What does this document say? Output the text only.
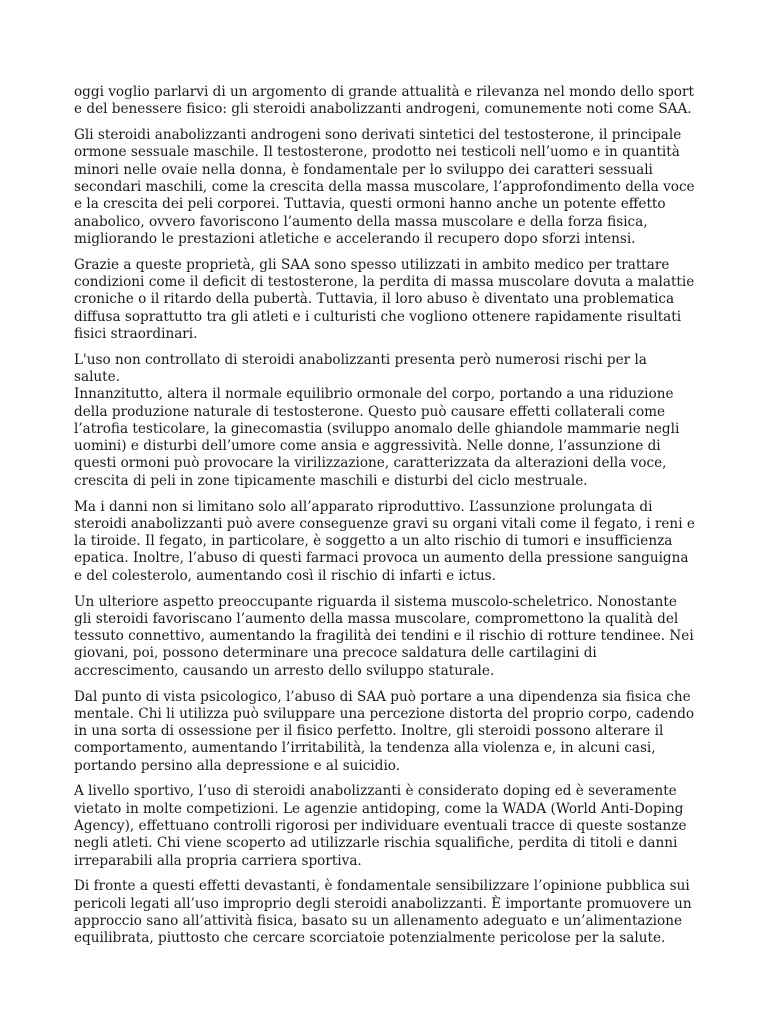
oggi voglio parlarvi di un argomento di grande attualità e rilevanza nel mondo dello sport
e del benessere fisico: gli steroidi anabolizzanti androgeni, comunemente noti come SAA.

Gli steroidi anabolizzanti androgeni sono derivati sintetici del testosterone, il principale
ormone sessuale maschile. Il testosterone, prodotto nei testicoli nell’uomo e in quantità
minori nelle ovaie nella donna, è fondamentale per lo sviluppo dei caratteri sessuali
secondari maschili, come la crescita della massa muscolare, l’approfondimento della voce
e la crescita dei peli corporei. Tuttavia, questi ormoni hanno anche un potente effetto
anabolico, ovvero favoriscono l’aumento della massa muscolare e della forza fisica,
migliorando le prestazioni atletiche e accelerando il recupero dopo sforzi intensi.

Grazie a queste proprietà, gli SAA sono spesso utilizzati in ambito medico per trattare
condizioni come il deficit di testosterone, la perdita di massa muscolare dovuta a malattie
croniche o il ritardo della pubertà. Tuttavia, il loro abuso è diventato una problematica
diffusa soprattutto tra gli atleti e i culturisti che vogliono ottenere rapidamente risultati
fisici straordinari.

L'uso non controllato di steroidi anabolizzanti presenta però numerosi rischi per la salute.
Innanzitutto, altera il normale equilibrio ormonale del corpo, portando a una riduzione
della produzione naturale di testosterone. Questo può causare effetti collaterali come
l’atrofia testicolare, la ginecomastia (sviluppo anomalo delle ghiandole mammarie negli
uomini) e disturbi dell’umore come ansia e aggressività. Nelle donne, l’assunzione di
questi ormoni può provocare la virilizzazione, caratterizzata da alterazioni della voce,
crescita di peli in zone tipicamente maschili e disturbi del ciclo mestruale.

Ma i danni non si limitano solo all’apparato riproduttivo. L’assunzione prolungata di
steroidi anabolizzanti può avere conseguenze gravi su organi vitali come il fegato, i reni e
la tiroide. Il fegato, in particolare, è soggetto a un alto rischio di tumori e insufficienza
epatica. Inoltre, l’abuso di questi farmaci provoca un aumento della pressione sanguigna
e del colesterolo, aumentando così il rischio di infarti e ictus.

Un ulteriore aspetto preoccupante riguarda il sistema muscolo-scheletrico. Nonostante
gli steroidi favoriscano l’aumento della massa muscolare, compromettono la qualità del
tessuto connettivo, aumentando la fragilità dei tendini e il rischio di rotture tendinee. Nei
giovani, poi, possono determinare una precoce saldatura delle cartilagini di
accrescimento, causando un arresto dello sviluppo staturale.

Dal punto di vista psicologico, l’abuso di SAA può portare a una dipendenza sia fisica che
mentale. Chi li utilizza può sviluppare una percezione distorta del proprio corpo, cadendo
in una sorta di ossessione per il fisico perfetto. Inoltre, gli steroidi possono alterare il
comportamento, aumentando l’irritabilità, la tendenza alla violenza e, in alcuni casi,
portando persino alla depressione e al suicidio.

A livello sportivo, l’uso di steroidi anabolizzanti è considerato doping ed è severamente
vietato in molte competizioni. Le agenzie antidoping, come la WADA (World Anti-Doping
Agency), effettuano controlli rigorosi per individuare eventuali tracce di queste sostanze
negli atleti. Chi viene scoperto ad utilizzarle rischia squalifiche, perdita di titoli e danni
irreparabili alla propria carriera sportiva.

Di fronte a questi effetti devastanti, è fondamentale sensibilizzare l’opinione pubblica sui
pericoli legati all’uso improprio degli steroidi anabolizzanti. È importante promuovere un
approccio sano all’attività fisica, basato su un allenamento adeguato e un’alimentazione
equilibrata, piuttosto che cercare scorciatoie potenzialmente pericolose per la salute.
